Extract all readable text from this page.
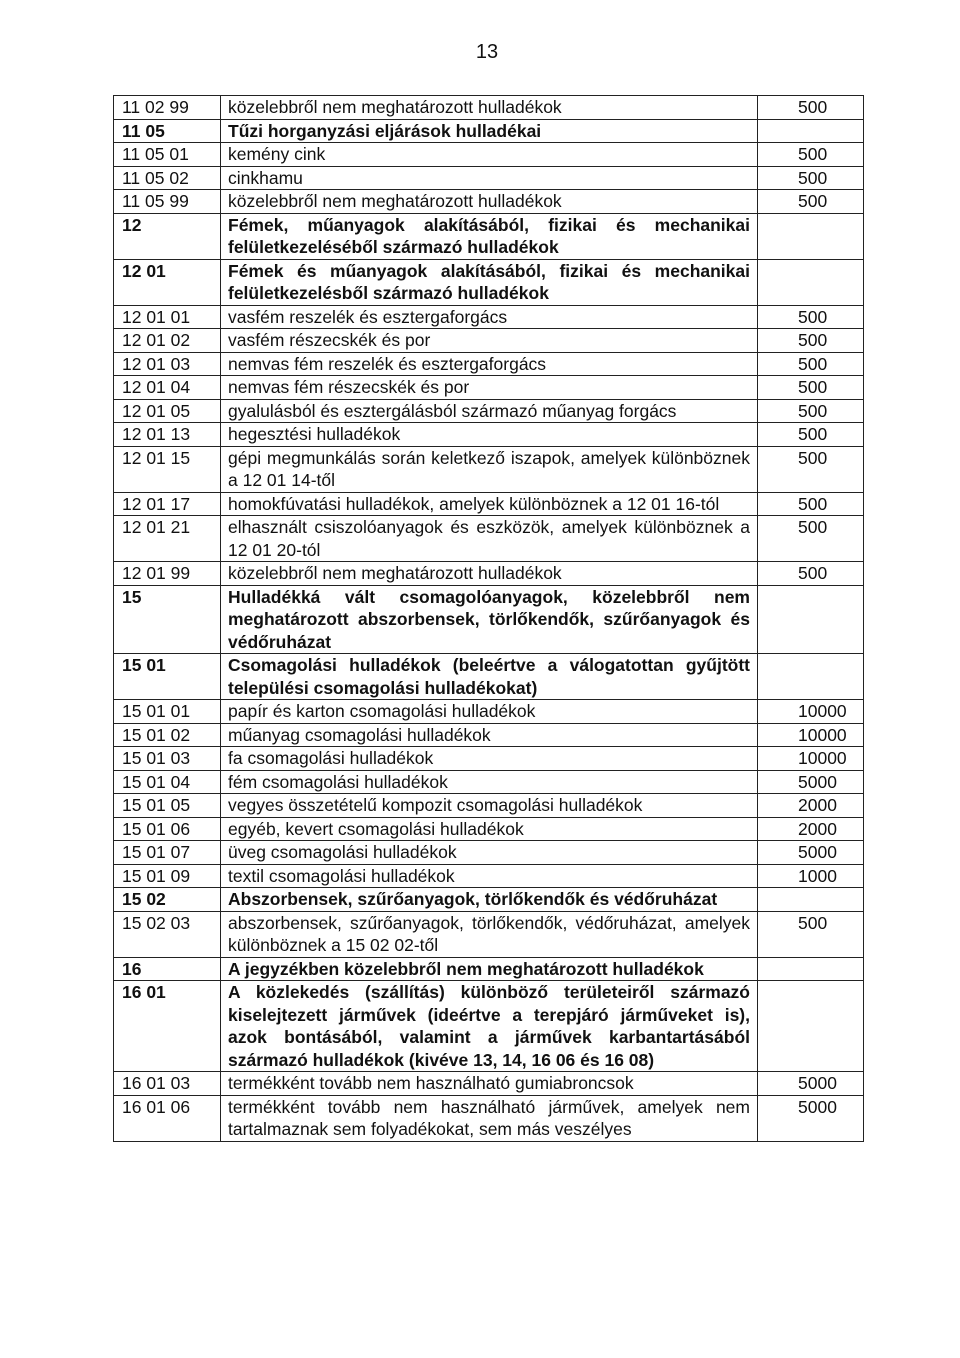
13
11 02 99	közelebbről nem meghatározott hulladékok	500
11 05	Tűzi horganyzási eljárások hulladékai	
11 05 01	kemény cink	500
11 05 02	cinkhamu	500
11 05 99	közelebbről nem meghatározott hulladékok	500
12	Fémek, műanyagok alakításából, fizikai és mechanikai felületkezeléséből származó hulladékok	
12 01	Fémek és műanyagok alakításából, fizikai és mechanikai felületkezelésből származó hulladékok	
12 01 01	vasfém reszelék és esztergaforgács	500
12 01 02	vasfém részecskék és por	500
12 01 03	nemvas fém reszelék és esztergaforgács	500
12 01 04	nemvas fém részecskék és por	500
12 01 05	gyalulásból és esztergálásból származó műanyag forgács	500
12 01 13	hegesztési hulladékok	500
12 01 15	gépi megmunkálás során keletkező iszapok, amelyek különböznek a 12 01 14-től	500
12 01 17	homokfúvatási hulladékok, amelyek különböznek a 12 01 16-tól	500
12 01 21	elhasznált csiszolóanyagok és eszközök, amelyek különböznek a 12 01 20-tól	500
12 01 99	közelebbről nem meghatározott hulladékok	500
15	Hulladékká vált csomagolóanyagok, közelebbről nem meghatározott abszorbensek, törlőkendők, szűrőanyagok és védőruházat	
15 01	Csomagolási hulladékok (beleértve a válogatottan gyűjtött települési csomagolási hulladékokat)	
15 01 01	papír és karton csomagolási hulladékok	10000
15 01 02	műanyag csomagolási hulladékok	10000
15 01 03	fa csomagolási hulladékok	10000
15 01 04	fém csomagolási hulladékok	5000
15 01 05	vegyes összetételű kompozit csomagolási hulladékok	2000
15 01 06	egyéb, kevert csomagolási hulladékok	2000
15 01 07	üveg csomagolási hulladékok	5000
15 01 09	textil csomagolási hulladékok	1000
15 02	Abszorbensek, szűrőanyagok, törlőkendők és védőruházat	
15 02 03	abszorbensek, szűrőanyagok, törlőkendők, védőruházat, amelyek különböznek a 15 02 02-től	500
16	A jegyzékben közelebbről nem meghatározott hulladékok	
16 01	A közlekedés (szállítás) különböző területeiről származó kiselejtezett járművek (ideértve a terepjáró járműveket is), azok bontásából, valamint a járművek karbantartásából származó hulladékok (kivéve 13, 14, 16 06 és 16 08)	
16 01 03	termékként tovább nem használható gumiabroncsok	5000
16 01 06	termékként tovább nem használható járművek, amelyek nem tartalmaznak sem folyadékokat, sem más veszélyes	5000
